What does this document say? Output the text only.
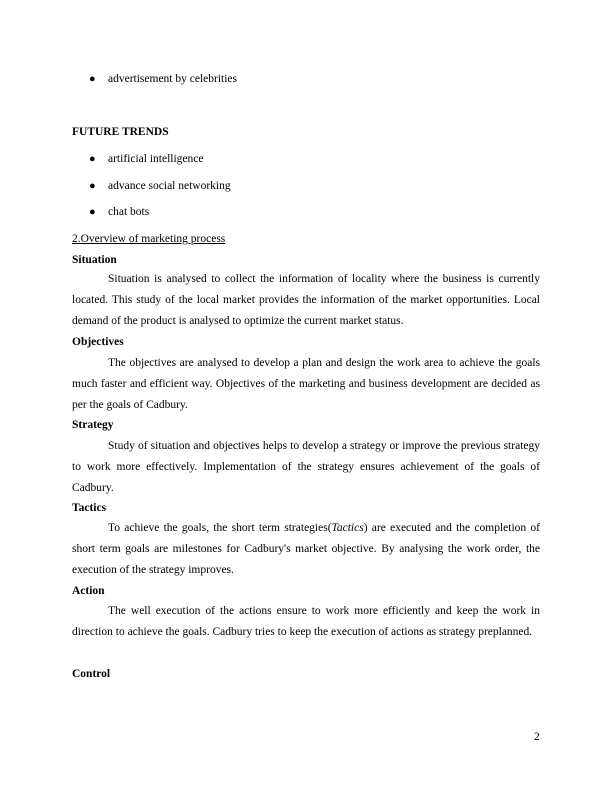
● advertisement by celebrities
FUTURE TRENDS
● artificial intelligence
● advance social networking
● chat bots
2.Overview of marketing process
Situation
Situation is analysed to collect the information of locality where the business is currently located. This study of the local market provides the information of the market opportunities. Local demand of the product is analysed to optimize the current market status.
Objectives
The objectives are analysed to develop a plan and design the work area to achieve the goals much faster and efficient way. Objectives of the marketing and business development are decided as per the goals of Cadbury.
Strategy
Study of situation and objectives helps to develop a strategy or improve the previous strategy to work more effectively. Implementation of the strategy ensures achievement of the goals of Cadbury.
Tactics
To achieve the goals, the short term strategies(Tactics) are executed and the completion of short term goals are milestones for Cadbury's market objective. By analysing the work order, the execution of the strategy improves.
Action
The well execution of the actions ensure to work more efficiently and keep the work in direction to achieve the goals. Cadbury tries to keep the execution of actions as strategy preplanned.
Control
2
